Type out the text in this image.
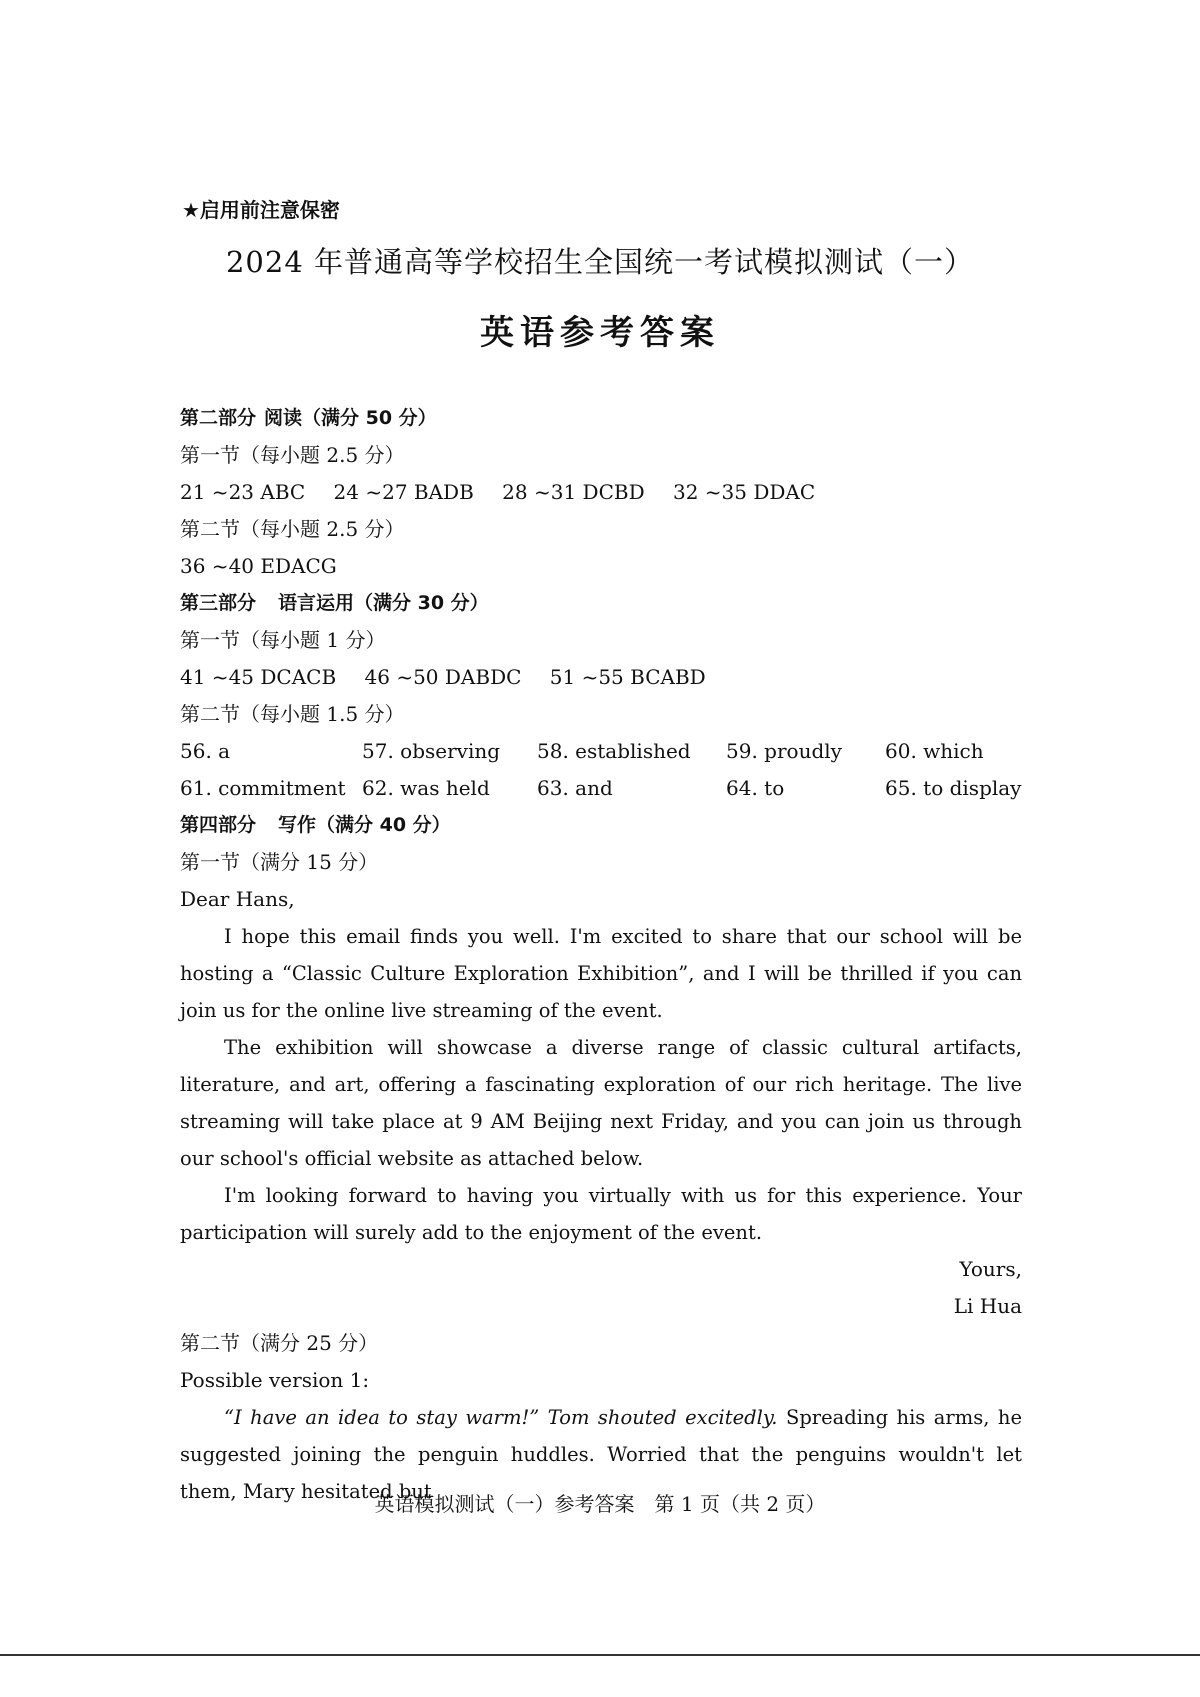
★启用前注意保密
2024 年普通高等学校招生全国统一考试模拟测试（一）
英语参考答案
第二部分 阅读（满分 50 分）
第一节（每小题 2.5 分）
21 ~23 ABC 24 ~27 BADB 28 ~31 DCBD 32 ~35 DDAC
第二节（每小题 2.5 分）
36 ~40 EDACG
第三部分 语言运用（满分 30 分）
第一节（每小题 1 分）
41 ~45 DCACB 46 ~50 DABDC 51 ~55 BCABD
第二节（每小题 1.5 分）
56. a	57. observing 58. established 59. proudly 60. which
61. commitment 62. was held 63. and	64. to	65. to display
第四部分 写作（满分 40 分）
第一节（满分 15 分）
Dear Hans,

I hope this email finds you well. I'm excited to share that our school will be hosting a “Classic Culture Exploration Exhibition”, and I will be thrilled if you can join us for the online live streaming of the event.

The exhibition will showcase a diverse range of classic cultural artifacts, literature, and art, offering a fascinating exploration of our rich heritage. The live streaming will take place at 9 AM Beijing next Friday, and you can join us through our school's official website as attached below.

I'm looking forward to having you virtually with us for this experience. Your participation will surely add to the enjoyment of the event.

Yours,
Li Hua
第二节（满分 25 分）
Possible version 1:

“I have an idea to stay warm!” Tom shouted excitedly. Spreading his arms, he suggested joining the penguin huddles. Worried that the penguins wouldn't let them, Mary hesitated but

英语模拟测试（一）参考答案　第 1 页（共 2 页）
